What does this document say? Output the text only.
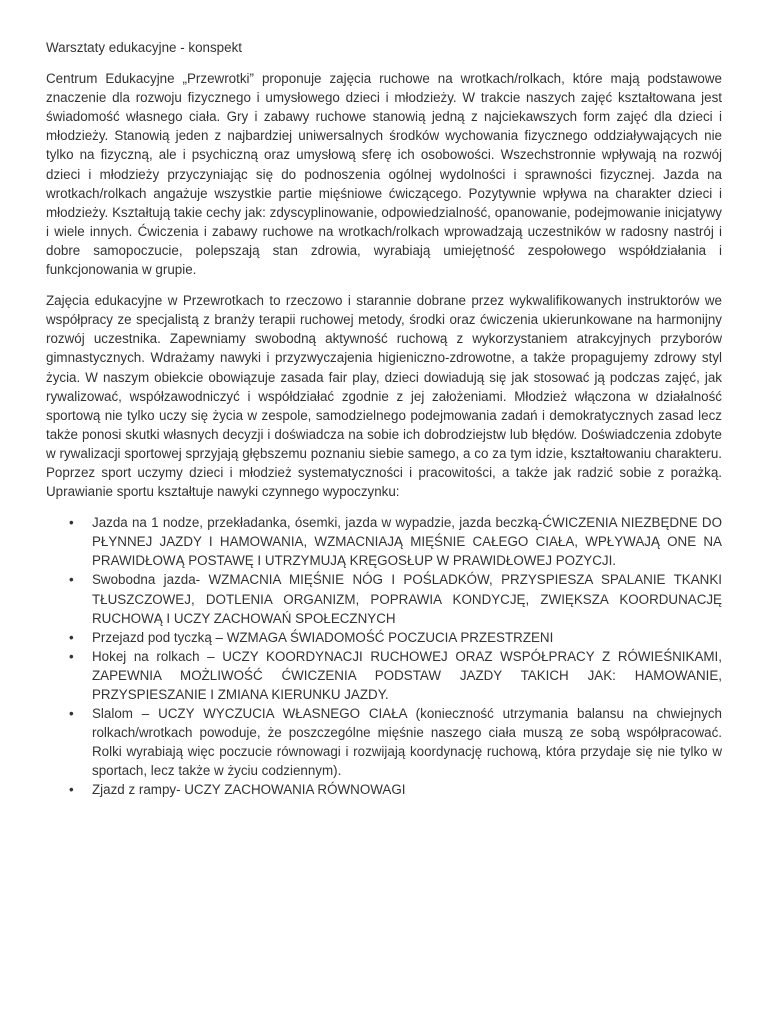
Warsztaty edukacyjne - konspekt

Centrum Edukacyjne „Przewrotki” proponuje zajęcia ruchowe na wrotkach/rolkach, które mają podstawowe znaczenie dla rozwoju fizycznego i umysłowego dzieci i młodzieży. W trakcie naszych zajęć kształtowana jest świadomość własnego ciała. Gry i zabawy ruchowe stanowią jedną z najciekawszych form zajęć dla dzieci i młodzieży. Stanowią jeden z najbardziej uniwersalnych środków wychowania fizycznego oddziaływających nie tylko na fizyczną, ale i psychiczną oraz umysłową sferę ich osobowości. Wszechstronnie wpływają na rozwój dzieci i młodzieży przyczyniając się do podnoszenia ogólnej wydolności i sprawności fizycznej. Jazda na wrotkach/rolkach angażuje wszystkie partie mięśniowe ćwiczącego. Pozytywnie wpływa na charakter dzieci i młodzieży. Kształtują takie cechy jak: zdyscyplinowanie, odpowiedzialność, opanowanie, podejmowanie inicjatywy i wiele innych. Ćwiczenia i zabawy ruchowe na wrotkach/rolkach wprowadzają uczestników w radosny nastrój i dobre samopoczucie, polepszają stan zdrowia, wyrabiają umiejętność zespołowego współdziałania i funkcjonowania w grupie.

Zajęcia edukacyjne w Przewrotkach to rzeczowo i starannie dobrane przez wykwalifikowanych instruktorów we współpracy ze specjalistą z branży terapii ruchowej metody, środki oraz ćwiczenia ukierunkowane na harmonijny rozwój uczestnika. Zapewniamy swobodną aktywność ruchową z wykorzystaniem atrakcyjnych przyborów gimnastycznych. Wdrażamy nawyki i przyzwyczajenia higieniczno-zdrowotne, a także propagujemy zdrowy styl życia. W naszym obiekcie obowiązuje zasada fair play, dzieci dowiadują się jak stosować ją podczas zajęć, jak rywalizować, współzawodniczyć i współdziałać zgodnie z jej założeniami. Młodzież włączona w działalność sportową nie tylko uczy się życia w zespole, samodzielnego podejmowania zadań i demokratycznych zasad lecz także ponosi skutki własnych decyzji i doświadcza na sobie ich dobrodziejstw lub błędów. Doświadczenia zdobyte w rywalizacji sportowej sprzyjają głębszemu poznaniu siebie samego, a co za tym idzie, kształtowaniu charakteru. Poprzez sport uczymy dzieci i młodzież systematyczności i pracowitości, a także jak radzić sobie z porażką. Uprawianie sportu kształtuje nawyki czynnego wypoczynku:

• Jazda na 1 nodze, przekładanka, ósemki, jazda w wypadzie, jazda beczką-ĆWICZENIA NIEZBĘDNE DO PŁYNNEJ JAZDY I HAMOWANIA, WZMACNIAJĄ MIĘŚNIE CAŁEGO CIAŁA, WPŁYWAJĄ ONE NA PRAWIDŁOWĄ POSTAWĘ I UTRZYMUJĄ KRĘGOSŁUP W PRAWIDŁOWEJ POZYCJI.
• Swobodna jazda- WZMACNIA MIĘŚNIE NÓG I POŚLADKÓW, PRZYSPIESZA SPALANIE TKANKI TŁUSZCZOWEJ, DOTLENIA ORGANIZM, POPRAWIA KONDYCJĘ, ZWIĘKSZA KOORDUNACJĘ RUCHOWĄ I UCZY ZACHOWAŃ SPOŁECZNYCH
• Przejazd pod tyczką – WZMAGA ŚWIADOMOŚĆ POCZUCIA PRZESTRZENI
• Hokej na rolkach – UCZY KOORDYNACJI RUCHOWEJ ORAZ WSPÓŁPRACY Z RÓWIEŚNIKAMI, ZAPEWNIA MOŻLIWOŚĆ ĆWICZENIA PODSTAW JAZDY TAKICH JAK: HAMOWANIE, PRZYSPIESZANIE I ZMIANA KIERUNKU JAZDY.
• Slalom – UCZY WYCZUCIA WŁASNEGO CIAŁA (konieczność utrzymania balansu na chwiejnych rolkach/wrotkach powoduje, że poszczególne mięśnie naszego ciała muszą ze sobą współpracować. Rolki wyrabiają więc poczucie równowagi i rozwijają koordynację ruchową, która przydaje się nie tylko w sportach, lecz także w życiu codziennym).
• Zjazd z rampy- UCZY ZACHOWANIA RÓWNOWAGI
